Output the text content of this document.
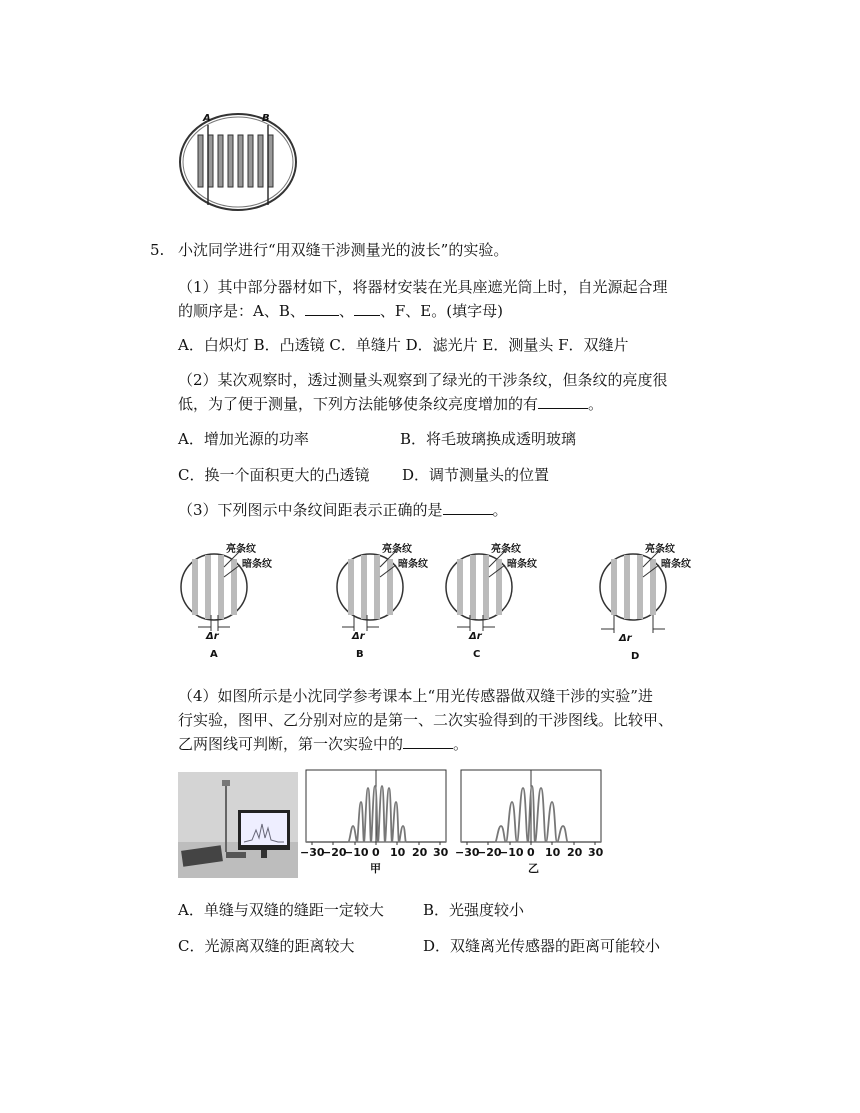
A	B
5. 小沈同学进行“用双缝干涉测量光的波长”的实验。
（1）其中部分器材如下，将器材安装在光具座遮光筒上时，自光源起合理
的顺序是：A、B、 、 、F、E。(填字母)
A．白炽灯 B．凸透镜 C．单缝片 D．滤光片 E．测量头 F．双缝片
（2）某次观察时，透过测量头观察到了绿光的干涉条纹，但条纹的亮度很
低，为了便于测量，下列方法能够使条纹亮度增加的有	。
A．增加光源的功率	B．将毛玻璃换成透明玻璃
C．换一个面积更大的凸透镜 D．调节测量头的位置
（3）下列图示中条纹间距表示正确的是	。
亮条纹
暗条纹
Δr
A
亮条纹
暗条纹
Δr
B
亮条纹
暗条纹
Δr
C
亮条纹
暗条纹
Δr
D
（4）如图所示是小沈同学参考课本上“用光传感器做双缝干涉的实验”进
行实验，图甲、乙分别对应的是第一、二次实验得到的干涉图线。比较甲、
乙两图线可判断，第一次实验中的	。
−30
−20
−10 0 10 20 30
甲
−30
−20
−10 0 10 20 30
乙
A．单缝与双缝的缝距一定较大	B．光强度较小
C．光源离双缝的距离较大	D．双缝离光传感器的距离可能较小
